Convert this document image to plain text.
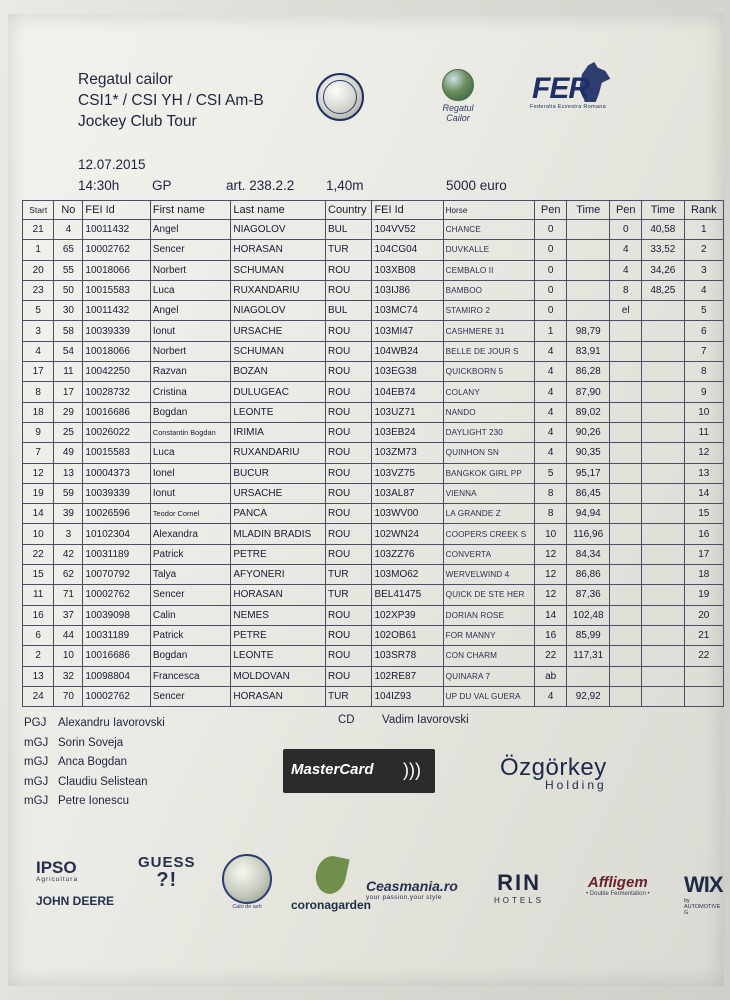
Regatul cailor
CSI1* / CSI YH / CSI Am-B
Jockey Club Tour
12.07.2015
14:30h GP	art. 238.2.2 1,40m	5000 euro
Regatul
Cailor
FER
Federatia Ecvestra Romana
Start	No	FEI Id	First name	Last name	Country	FEI Id	Horse	Pen	Time	Pen	Time	Rank
21	4	10011432	Angel	NIAGOLOV	BUL	104VV52	CHANCE	0		0	40,58	1
1	65	10002762	Sencer	HORASAN	TUR	104CG04	DUVKALLE	0		4	33,52	2
20	55	10018066	Norbert	SCHUMAN	ROU	103XB08	CEMBALO II	0		4	34,26	3
23	50	10015583	Luca	RUXANDARIU	ROU	103IJ86	BAMBOO	0		8	48,25	4
5	30	10011432	Angel	NIAGOLOV	BUL	103MC74	STAMIRO 2	0		el		5
3	58	10039339	Ionut	URSACHE	ROU	103MI47	CASHMERE 31	1	98,79			6
4	54	10018066	Norbert	SCHUMAN	ROU	104WB24	BELLE DE JOUR S	4	83,91			7
17	11	10042250	Razvan	BOZAN	ROU	103EG38	QUICKBORN 5	4	86,28			8
8	17	10028732	Cristina	DULUGEAC	ROU	104EB74	COLANY	4	87,90			9
18	29	10016686	Bogdan	LEONTE	ROU	103UZ71	NANDO	4	89,02			10
9	25	10026022	Constantin Bogdan	IRIMIA	ROU	103EB24	DAYLIGHT 230	4	90,26			11
7	49	10015583	Luca	RUXANDARIU	ROU	103ZM73	QUINHON SN	4	90,35			12
12	13	10004373	Ionel	BUCUR	ROU	103VZ75	BANGKOK GIRL PP	5	95,17			13
19	59	10039339	Ionut	URSACHE	ROU	103AL87	VIENNA	8	86,45			14
14	39	10026596	Teodor Cornel	PANCA	ROU	103WV00	LA GRANDE Z	8	94,94			15
10	3	10102304	Alexandra	MLADIN BRADIS	ROU	102WN24	COOPERS CREEK S	10	116,96			16
22	42	10031189	Patrick	PETRE	ROU	103ZZ76	CONVERTA	12	84,34			17
15	62	10070792	Talya	AFYONERI	TUR	103MO62	WERVELWIND 4	12	86,86			18
11	71	10002762	Sencer	HORASAN	TUR	BEL41475	QUICK DE STE HER	12	87,36			19
16	37	10039098	Calin	NEMES	ROU	102XP39	DORIAN ROSE	14	102,48			20
6	44	10031189	Patrick	PETRE	ROU	102OB61	FOR MANNY	16	85,99			21
2	10	10016686	Bogdan	LEONTE	ROU	103SR78	CON CHARM	22	117,31			22
13	32	10098804	Francesca	MOLDOVAN	ROU	102RE87	QUINARA 7	ab				
24	70	10002762	Sencer	HORASAN	TUR	104IZ93	UP DU VAL GUERA	4	92,92			
PGJ Alexandru Iavorovski
mGJ Sorin Soveja
mGJ Anca Bogdan
mGJ Claudiu Selistean
mGJ Petre Ionescu
CD Vadim Iavorovski
MasterCard )))	Özgörkey
Holding
IPSO
Agricultura
JOHN DEERE
GUESS
?!
Calo de ash	coronagarden
Ceasmania.ro
your passion.your style
RIN
HOTELS
Affligem
• Double Fermentation • WIX
by AUTOMOTIVE G
